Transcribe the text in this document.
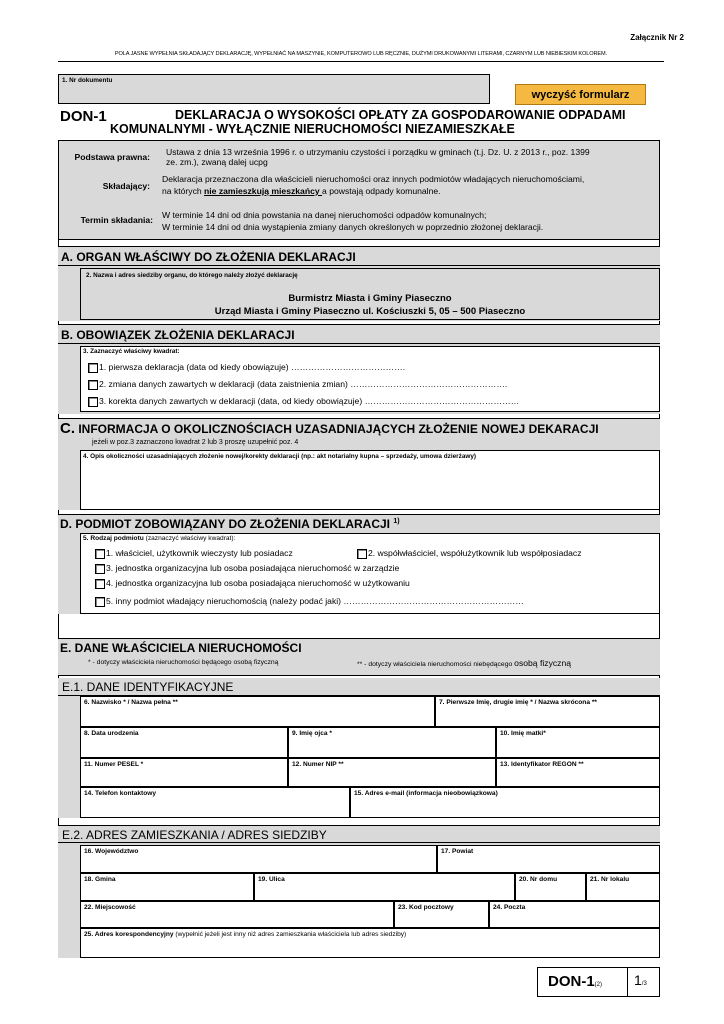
Załącznik Nr 2
POLA JASNE WYPEŁNIA SKŁADAJĄCY DEKLARACJĘ, WYPEŁNIAĆ NA MASZYNIE, KOMPUTEROWO LUB RĘCZNIE, DUŻYMI DRUKOWANYMI LITERAMI, CZARNYM LUB NIEBIESKIM KOLOREM.
1. Nr dokumentu
wyczyść formularz
DON-1	DEKLARACJA O WYSOKOŚCI OPŁATY ZA GOSPODAROWANIE ODPADAMI
KOMUNALNYMI - WYŁĄCZNIE NIERUCHOMOŚCI NIEZAMIESZKAŁE
Podstawa prawna: Ustawa z dnia 13 września 1996 r. o utrzymaniu czystości i porządku w gminach (t.j. Dz. U. z 2013 r., poz. 1399
ze. zm.), zwaną dalej ucpg
Składający:
Deklaracja przeznaczona dla właścicieli nieruchomości oraz innych podmiotów władających nieruchomościami,
na których nie zamieszkują mieszkańcy a powstają odpady komunalne.
Termin składania: W terminie 14 dni od dnia powstania na danej nieruchomości odpadów komunalnych;
W terminie 14 dni od dnia wystąpienia zmiany danych określonych w poprzednio złożonej deklaracji.
A. ORGAN WŁAŚCIWY DO ZŁOŻENIA DEKLARACJI
2. Nazwa i adres siedziby organu, do którego należy złożyć deklarację
Burmistrz Miasta i Gminy Piaseczno
Urząd Miasta i Gminy Piaseczno ul. Kościuszki 5, 05 – 500 Piaseczno
B. OBOWIĄZEK ZŁOŻENIA DEKLARACJI
3. Zaznaczyć właściwy kwadrat:
1. pierwsza deklaracja (data od kiedy obowiązuje) ………………………………….
2. zmiana danych zawartych w deklaracji (data zaistnienia zmian) ……………………………………………….
3. korekta danych zawartych w deklaracji (data, od kiedy obowiązuje) ………………………………………………
C. INFORMACJA O OKOLICZNOŚCIACH UZASADNIAJĄCYCH ZŁOŻENIE NOWEJ DEKARACJI
jeżeli w poz.3 zaznaczono kwadrat 2 lub 3 proszę uzupełnić poz. 4
4. Opis okoliczności uzasadniających złożenie nowej/korekty deklaracji (np.: akt notarialny kupna – sprzedaży, umowa dzierżawy)
D. PODMIOT ZOBOWIĄZANY DO ZŁOŻENIA DEKLARACJI $^{1)}$
5. Rodzaj podmiotu (zaznaczyć właściwy kwadrat):
1. właściciel, użytkownik wieczysty lub posiadacz	2. współwłaściciel, współużytkownik lub współposiadacz
3. jednostka organizacyjna lub osoba posiadająca nieruchomość w zarządzie
4. jednostka organizacyjna lub osoba posiadająca nieruchomość w użytkowaniu
5. inny podmiot władający nieruchomością (należy podać jaki) ………………………………………………………
E. DANE WŁAŚCICIELA NIERUCHOMOŚCI
* - dotyczy właściciela nieruchomości będącego osobą fizyczną	** - dotyczy właściciela nieruchomości niebędącego osobą fizyczną
E.1. DANE IDENTYFIKACYJNE
6. Nazwisko * / Nazwa pełna **	7. Pierwsze Imię, drugie imię * / Nazwa skrócona **
8. Data urodzenia	9. Imię ojca *	10. Imię matki*
11. Numer PESEL *	12. Numer NIP **	13. Identyfikator REGON **
14. Telefon kontaktowy	15. Adres e-mail (informacja nieobowiązkowa)
E.2. ADRES ZAMIESZKANIA / ADRES SIEDZIBY
16. Województwo	17. Powiat
18. Gmina	19. Ulica	20. Nr domu	21. Nr lokalu
22. Miejscowość	23. Kod pocztowy	24. Poczta
25. Adres korespondencyjny (wypełnić jeżeli jest inny niż adres zamieszkania właściciela lub adres siedziby)
DON-1(2) 1/3
